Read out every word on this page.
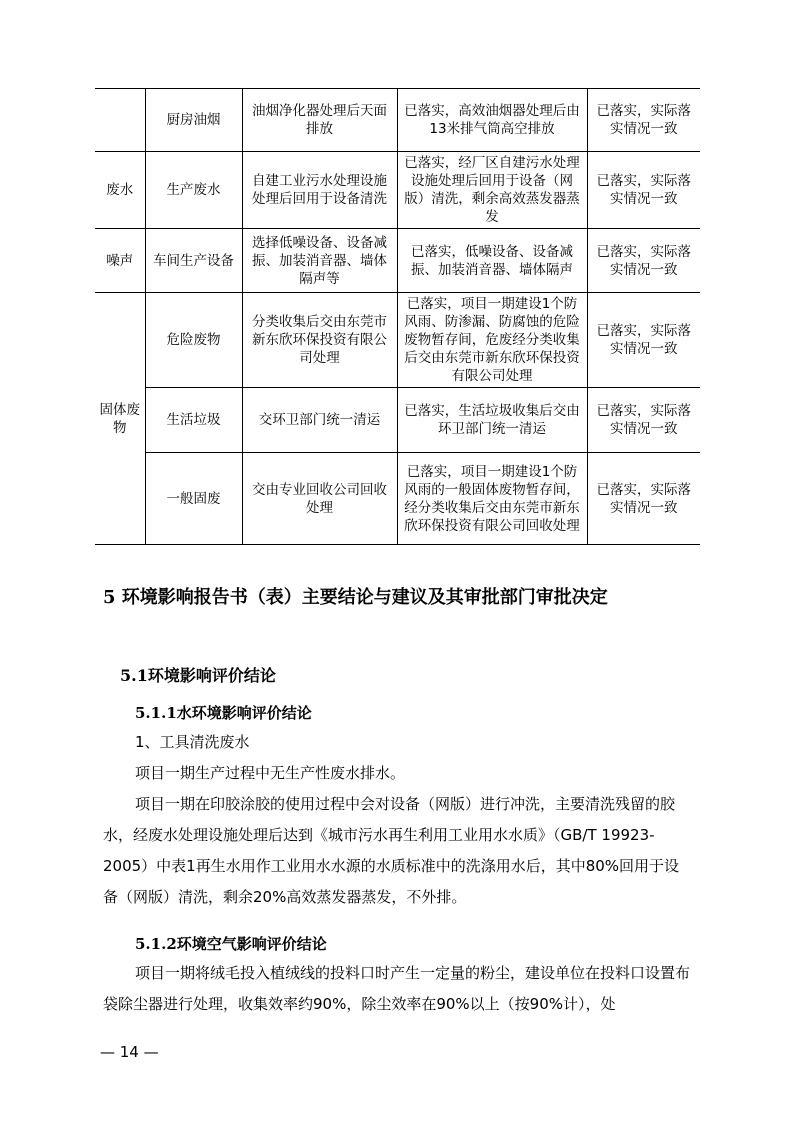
	厨房油烟	油烟净化器处理后天面排放	已落实，高效油烟器处理后由13米排气筒高空排放	已落实，实际落实情况一致
废水	生产废水	自建工业污水处理设施处理后回用于设备清洗	已落实，经厂区自建污水处理设施处理后回用于设备（网版）清洗，剩余高效蒸发器蒸发	已落实，实际落实情况一致
噪声	车间生产设备	选择低噪设备、设备减振、加装消音器、墙体隔声等	已落实，低噪设备、设备减振、加装消音器、墙体隔声	已落实，实际落实情况一致
固体废物	危险废物	分类收集后交由东莞市新东欣环保投资有限公司处理	已落实，项目一期建设1个防风雨、防渗漏、防腐蚀的危险废物暂存间，危废经分类收集后交由东莞市新东欣环保投资有限公司处理	已落实，实际落实情况一致
	生活垃圾	交环卫部门统一清运	已落实，生活垃圾收集后交由环卫部门统一清运	已落实，实际落实情况一致
	一般固废	交由专业回收公司回收处理	已落实，项目一期建设1个防风雨的一般固体废物暂存间，经分类收集后交由东莞市新东欣环保投资有限公司回收处理	已落实，实际落实情况一致
5 环境影响报告书（表）主要结论与建议及其审批部门审批决定
5.1环境影响评价结论
5.1.1水环境影响评价结论

1、工具清洗废水

项目一期生产过程中无生产性废水排水。

项目一期在印胶涂胶的使用过程中会对设备（网版）进行冲洗，主要清洗残留的胶水，经废水处理设施处理后达到《城市污水再生利用工业用水水质》（GB/T 19923-2005）中表1再生水用作工业用水水源的水质标准中的洗涤用水后，其中80%回用于设备（网版）清洗，剩余20%高效蒸发器蒸发，不外排。

5.1.2环境空气影响评价结论

项目一期将绒毛投入植绒线的投料口时产生一定量的粉尘，建设单位在投料口设置布袋除尘器进行处理，收集效率约90%，除尘效率在90%以上（按90%计），处

— 14 —
